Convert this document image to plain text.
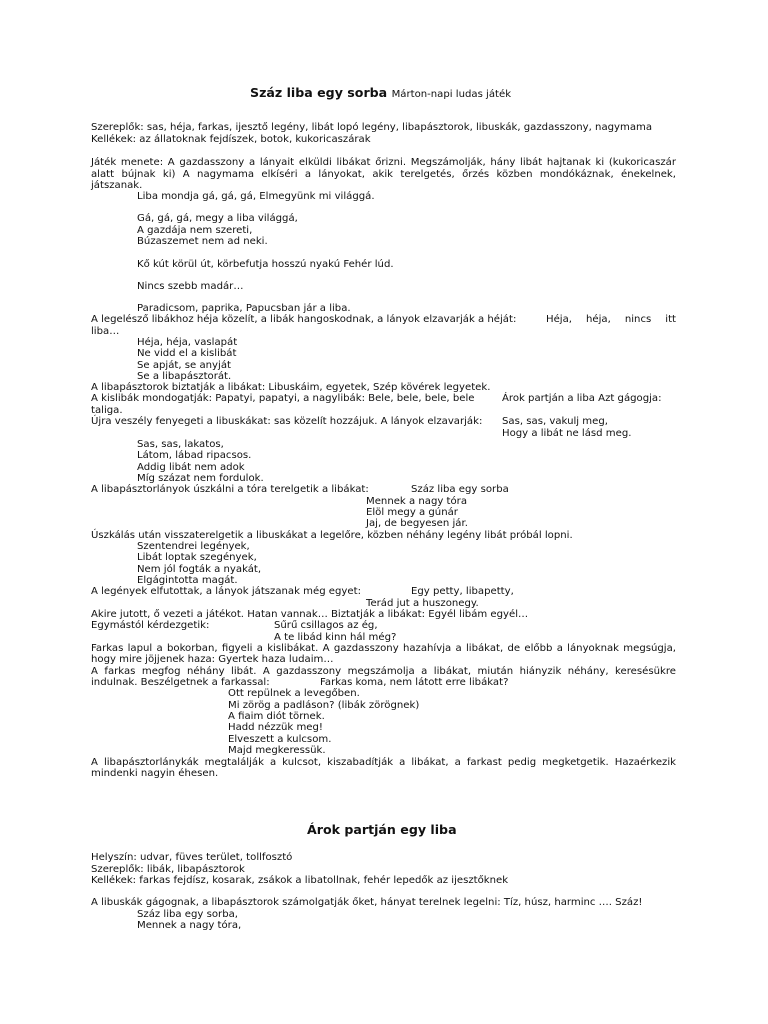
Száz liba egy sorba Márton-napi ludas játék
Szereplők: sas, héja, farkas, ijesztő legény, libát lopó legény, libapásztorok, libuskák, gazdasszony, nagymama
Kellékek: az állatoknak fejdíszek, botok, kukoricaszárak
Játék menete: A gazdasszony a lányait elküldi libákat őrizni. Megszámolják, hány libát hajtanak ki (kukoricaszár
alatt bújnak ki) A nagymama elkíséri a lányokat, akik terelgetés, őrzés közben mondókáznak, énekelnek,
játszanak.
Liba mondja gá, gá, gá, Elmegyünk mi világgá.
Gá, gá, gá, megy a liba világgá,
A gazdája nem szereti,
Búzaszemet nem ad neki.
Kő kút körül út, körbefutja hosszú nyakú Fehér lúd.
Nincs szebb madár…
Paradicsom, paprika, Papucsban jár a liba.
A legelésző libákhoz héja közelít, a libák hangoskodnak, a lányok elzavarják a héját:	Héja, héja, nincs itt
liba…
Héja, héja, vaslapát
Ne vidd el a kislibát
Se apját, se anyját
Se a libapásztorát.
A libapásztorok biztatják a libákat: Libuskáim, egyetek, Szép kövérek legyetek.
A kislibák mondogatják: Papatyi, papatyi, a nagylibák: Bele, bele, bele, bele	Árok partján a liba Azt gágogja:
taliga.
Újra veszély fenyegeti a libuskákat: sas közelít hozzájuk. A lányok elzavarják: Sas, sas, vakulj meg,
Hogy a libát ne lásd meg.
Sas, sas, lakatos,
Látom, lábad ripacsos.
Addig libát nem adok
Míg százat nem fordulok.
A libapásztorlányok úszkálni a tóra terelgetik a libákat:	Száz liba egy sorba
Mennek a nagy tóra
Elöl megy a gúnár
Jaj, de begyesen jár.
Úszkálás után visszaterelgetik a libuskákat a legelőre, közben néhány legény libát próbál lopni.
Szentendrei legények,
Libát loptak szegények,
Nem jól fogták a nyakát,
Elgágintotta magát.
A legények elfutottak, a lányok játszanak még egyet:	Egy petty, libapetty,
Terád jut a huszonegy.
Akire jutott, ő vezeti a játékot. Hatan vannak… Biztatják a libákat: Egyél libám egyél…
Egymástól kérdezgetik:	Sűrű csillagos az ég,
A te libád kinn hál még?
Farkas lapul a bokorban, figyeli a kislibákat. A gazdasszony hazahívja a libákat, de előbb a lányoknak megsúgja,
hogy mire jöjjenek haza: Gyertek haza ludaim…
A farkas megfog néhány libát. A gazdasszony megszámolja a libákat, miután hiányzik néhány, keresésükre
indulnak. Beszélgetnek a farkassal:	Farkas koma, nem látott erre libákat?
Ott repülnek a levegőben.
Mi zörög a padláson? (libák zörögnek)
A fiaim diót törnek.
Hadd nézzük meg!
Elveszett a kulcsom.
Majd megkeressük.
A libapásztorlánykák megtalálják a kulcsot, kiszabadítják a libákat, a farkast pedig megketgetik. Hazaérkezik
mindenki nagyin éhesen.
Árok partján egy liba
Helyszín: udvar, füves terület, tollfosztó
Szereplők: libák, libapásztorok
Kellékek: farkas fejdísz, kosarak, zsákok a libatollnak, fehér lepedők az ijesztőknek
A libuskák gágognak, a libapásztorok számolgatják őket, hányat terelnek legelni: Tíz, húsz, harminc …. Száz!
Száz liba egy sorba,
Mennek a nagy tóra,
